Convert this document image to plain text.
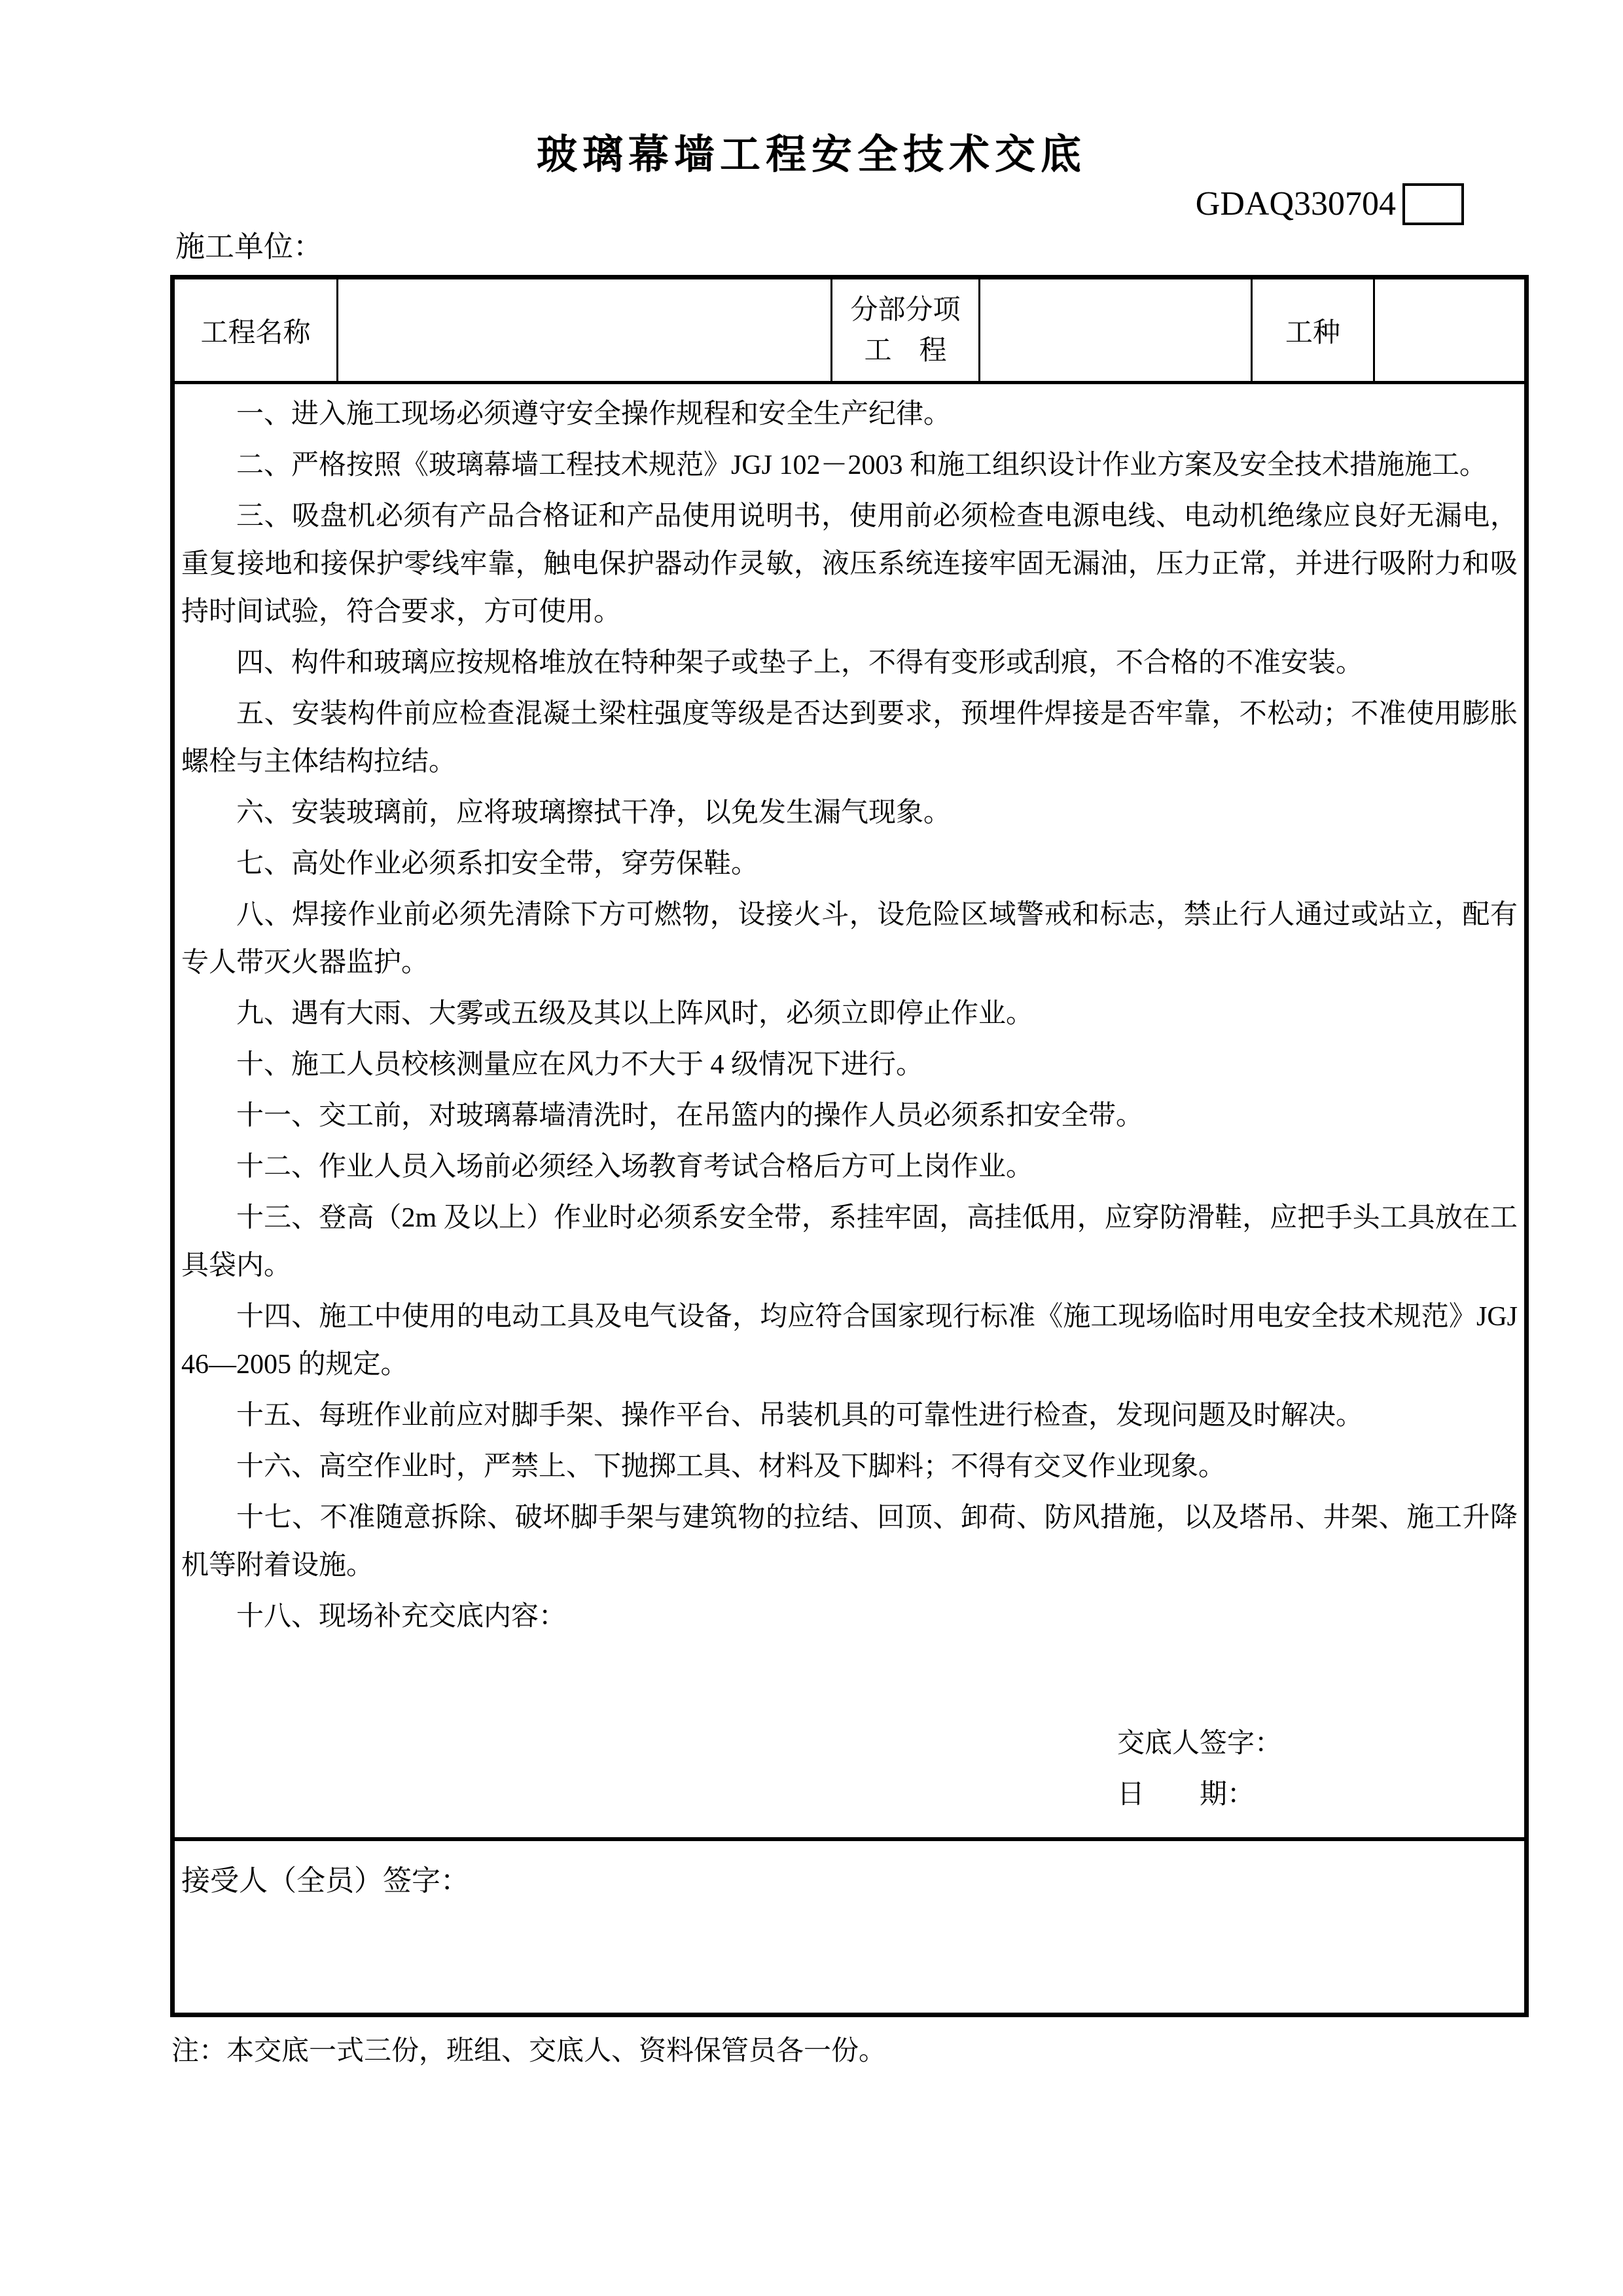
玻璃幕墙工程安全技术交底
GDAQ330704
施工单位：
工程名称
分部分项
工　程
工种

一、进入施工现场必须遵守安全操作规程和安全生产纪律。

二、严格按照《玻璃幕墙工程技术规范》JGJ 102－2003 和施工组织设计作业方案及安全技术措施施工。

三、吸盘机必须有产品合格证和产品使用说明书，使用前必须检查电源电线、电动机绝缘应良好无漏电，重复接地和接保护零线牢靠，触电保护器动作灵敏，液压系统连接牢固无漏油，压力正常，并进行吸附力和吸持时间试验，符合要求，方可使用。

四、构件和玻璃应按规格堆放在特种架子或垫子上，不得有变形或刮痕，不合格的不准安装。

五、安装构件前应检查混凝土梁柱强度等级是否达到要求，预埋件焊接是否牢靠，不松动；不准使用膨胀螺栓与主体结构拉结。

六、安装玻璃前，应将玻璃擦拭干净，以免发生漏气现象。

七、高处作业必须系扣安全带，穿劳保鞋。

八、焊接作业前必须先清除下方可燃物，设接火斗，设危险区域警戒和标志，禁止行人通过或站立，配有专人带灭火器监护。

九、遇有大雨、大雾或五级及其以上阵风时，必须立即停止作业。

十、施工人员校核测量应在风力不大于 4 级情况下进行。

十一、交工前，对玻璃幕墙清洗时，在吊篮内的操作人员必须系扣安全带。

十二、作业人员入场前必须经入场教育考试合格后方可上岗作业。

十三、登高（2m 及以上）作业时必须系安全带，系挂牢固，高挂低用，应穿防滑鞋，应把手头工具放在工具袋内。

十四、施工中使用的电动工具及电气设备，均应符合国家现行标准《施工现场临时用电安全技术规范》JGJ 46—2005 的规定。

十五、每班作业前应对脚手架、操作平台、吊装机具的可靠性进行检查，发现问题及时解决。

十六、高空作业时，严禁上、下抛掷工具、材料及下脚料；不得有交叉作业现象。

十七、不准随意拆除、破坏脚手架与建筑物的拉结、回顶、卸荷、防风措施，以及塔吊、井架、施工升降机等附着设施。

十八、现场补充交底内容：

交底人签字：
日　　期：
接受人（全员）签字：
注：本交底一式三份，班组、交底人、资料保管员各一份。
